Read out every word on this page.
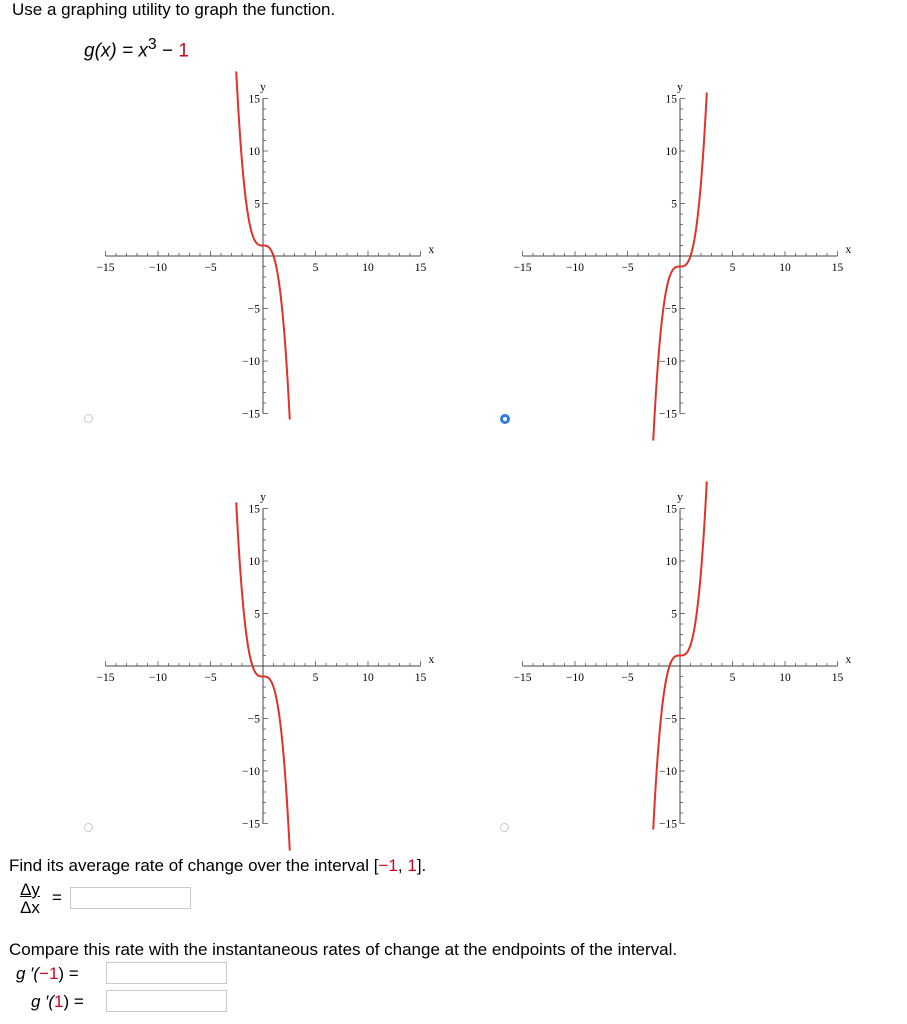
Use a graphing utility to graph the function.
$g(x) = x^3 - 1$
−15	−10	−5	5	10	15
−15
−10
−5
5
10
15
x
y
−15	−10	−5	5	10	15
−15
−10
−5
5
10
15
x
y
−15	−10	−5	5	10	15
−15
−10
−5
5
10
15
x
y
−15	−10	−5	5	10	15
−15
−10
−5
5
10
15
x
y
Find its average rate of change over the interval [−1, 1].
$\frac{\Delta y}{\Delta x}$ =
Compare this rate with the instantaneous rates of change at the endpoints of the interval.
g ′(−1) =
g ′(1) =
